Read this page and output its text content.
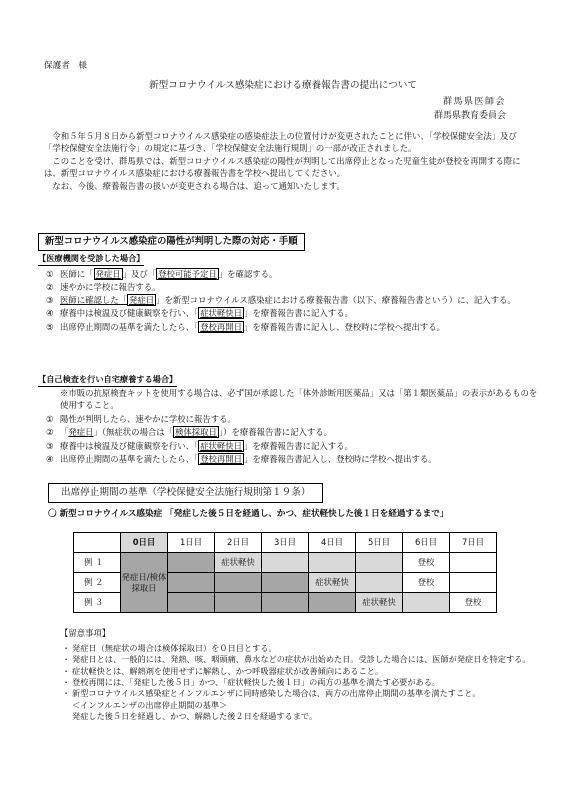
保護者　様
新型コロナウイルス感染症における療養報告書の提出について
群馬県医師会
群馬県教育委員会

令和５年５月８日から新型コロナウイルス感染症の感染症法上の位置付けが変更されたことに伴い、「学校保健安全法」及び「学校保健安全法施行令」の規定に基づき、「学校保健安全法施行規則」の一部が改正されました。

このことを受け、群馬県では、新型コロナウイルス感染症の陽性が判明して出席停止となった児童生徒が登校を再開する際には、新型コロナウイルス感染症における療養報告書を学校へ提出してください。

なお、今後、療養報告書の扱いが変更される場合は、追って通知いたします。

新型コロナウイルス感染症の陽性が判明した際の対応・手順
【医療機関を受診した場合】
① 医師に「 発症日 」及び「 登校可能予定日 」を確認する。
② 速やかに学校に報告する。
③ 医師に確認した「 発症日 」を新型コロナウイルス感染症における療養報告書（以下、療養報告書という）に、記入する。
④ 療養中は検温及び健康観察を行い、「 症状軽快日 」を療養報告書に記入する。
⑤ 出席停止期間の基準を満たしたら、「 登校再開日 」を療養報告書に記入し、登校時に学校へ提出する。
【自己検査を行い自宅療養する場合】
※市販の抗原検査キットを使用する場合は、必ず国が承認した「体外診断用医薬品」又は「第１類医薬品」の表示があるものを使用すること。
① 陽性が判明したら、速やかに学校に報告する。
② 「発症日」（無症状の場合は「 検体採取日 」）を療養報告書に記入する。
③ 療養中は検温及び健康観察を行い、「 症状軽快日 」を療養報告書に記入する。
④ 出席停止期間の基準を満たしたら、「 登校再開日 」を療養報告書記入し、登校時に学校へ提出する。
出席停止期間の基準（学校保健安全法施行規則第１９条）
〇 新型コロナウイルス感染症 「発症した後５日を経過し、かつ、症状軽快した後１日を経過するまで」
	0日目	1日目	2日目	3日目	4日目	5日目	6日目	7日目
例 １	発症日/検体採取日		症状軽快				登校	
例 ２					症状軽快		登校	
例 ３						症状軽快		登校
【留意事項】
・ 発症日（無症状の場合は検体採取日）を０日目とする。
・ 発症日とは、一般的には、発熱、咳、咽頭痛、鼻水などの症状が出始めた日。受診した場合には、医師が発症日を特定する。
・ 症状軽快とは、解熱剤を使用せずに解熱し、かつ呼吸器症状が改善傾向にあること。
・ 登校再開には、「発症した後５日」かつ、「症状軽快した後１日」の両方の基準を満たす必要がある。
・ 新型コロナウイルス感染症とインフルエンザに同時感染した場合は、両方の出席停止期間の基準を満たすこと。
＜インフルエンザの出席停止期間の基準＞
発症した後５日を経過し、かつ、解熱した後２日を経過するまで。
